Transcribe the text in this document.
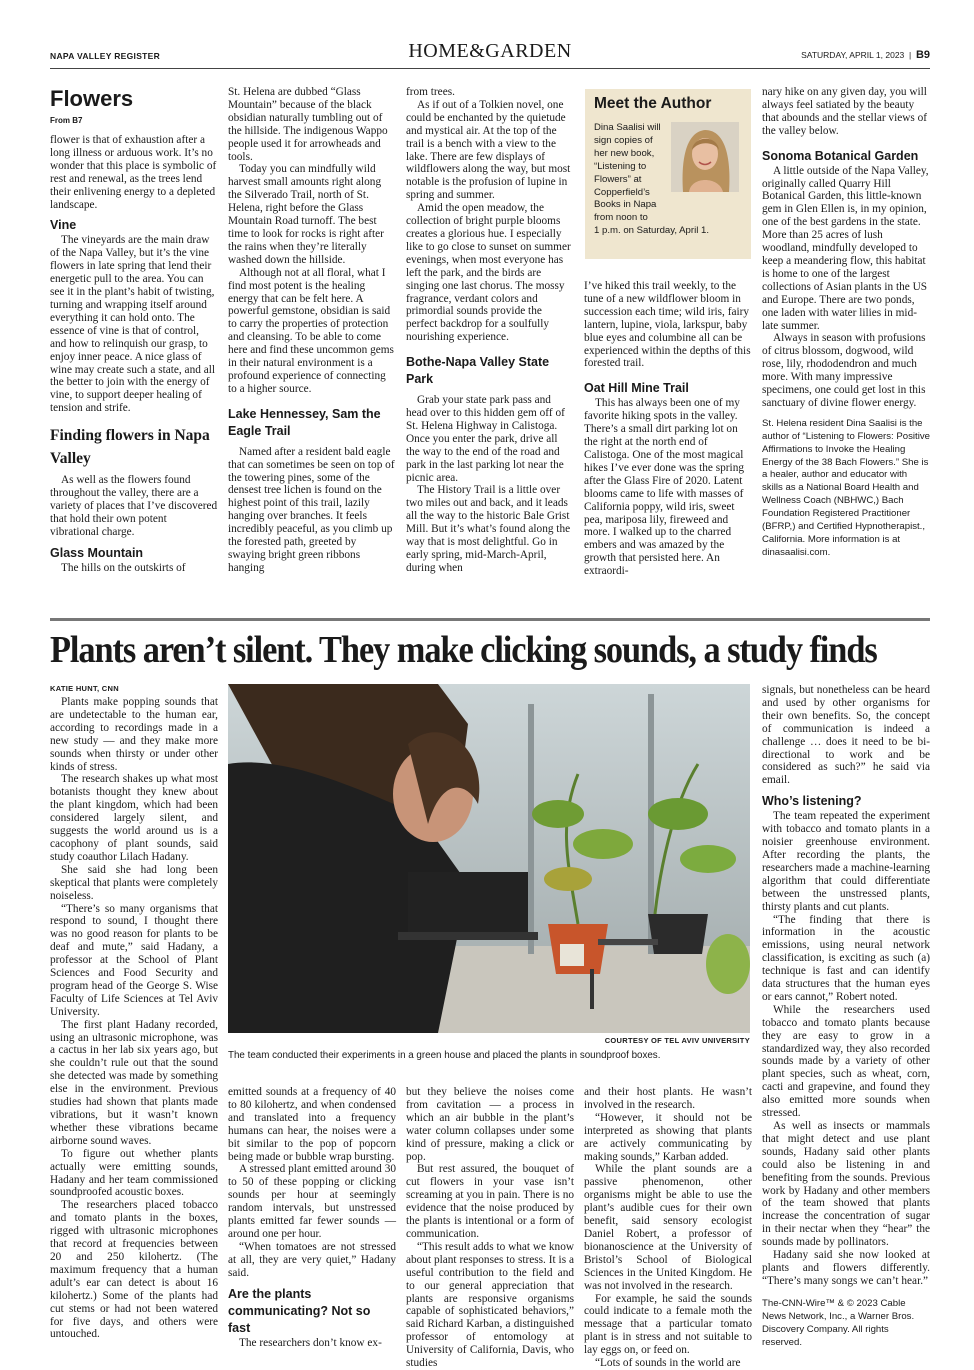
NAPA VALLEY REGISTER	HOME&GARDEN	SATURDAY, APRIL 1, 2023  |  B9
Flowers
From B7

flower is that of exhaustion after a long illness or arduous work. It’s no wonder that this place is symbolic of rest and renewal, as the trees lend their enlivening energy to a depleted landscape.

Vine

The vineyards are the main draw of the Napa Valley, but it’s the vine flowers in late spring that lend their energetic pull to the area. You can see it in the plant’s habit of twisting, turning and wrapping itself around everything it can hold onto. The essence of vine is that of control, and how to relinquish our grasp, to enjoy inner peace. A nice glass of wine may create such a state, and all the better to join with the energy of vine, to support deeper healing of tension and strife.

Finding flowers in Napa Valley

As well as the flowers found throughout the valley, there are a variety of places that I’ve discovered that hold their own potent vibrational charge.

Glass Mountain

The hills on the outskirts of

St. Helena are dubbed “Glass Mountain” because of the black obsidian naturally tumbling out of the hillside. The indigenous Wappo people used it for arrowheads and tools.

Today you can mindfully wild harvest small amounts right along the Silverado Trail, north of St. Helena, right before the Glass Mountain Road turnoff. The best time to look for rocks is right after the rains when they’re literally washed down the hillside.

Although not at all floral, what I find most potent is the healing energy that can be felt here. A powerful gemstone, obsidian is said to carry the properties of protection and cleansing. To be able to come here and find these uncommon gems in their natural environment is a profound experience of connecting to a higher source.

Lake Hennessey, Sam the Eagle Trail

Named after a resident bald eagle that can sometimes be seen on top of the towering pines, some of the densest tree lichen is found on the highest point of this trail, lazily hanging over branches. It feels incredibly peaceful, as you climb up the forested path, greeted by swaying bright green ribbons hanging

from trees.

As if out of a Tolkien novel, one could be enchanted by the quietude and mystical air. At the top of the trail is a bench with a view to the lake. There are few displays of wildflowers along the way, but most notable is the profusion of lupine in spring and summer.

Amid the open meadow, the collection of bright purple blooms creates a glorious hue. I especially like to go close to sunset on summer evenings, when most everyone has left the park, and the birds are singing one last chorus. The mossy fragrance, verdant colors and primordial sounds provide the perfect backdrop for a soulfully nourishing experience.

Bothe-Napa Valley State Park

Grab your state park pass and head over to this hidden gem off of St. Helena Highway in Calistoga. Once you enter the park, drive all the way to the end of the road and park in the last parking lot near the picnic area.

The History Trail is a little over two miles out and back, and it leads all the way to the historic Bale Grist Mill. But it’s what’s found along the way that is most delightful. Go in early spring, mid-March-April, during when

Meet the Author
Dina Saalisi will sign copies of her new book, “Listening to Flowers” at Copperfield’s Books in Napa from noon to
1 p.m. on Saturday, April 1.

I’ve hiked this trail weekly, to the tune of a new wildflower bloom in succession each time; wild iris, fairy lantern, lupine, viola, larkspur, baby blue eyes and columbine all can be experienced within the depths of this forested trail.

Oat Hill Mine Trail

This has always been one of my favorite hiking spots in the valley. There’s a small dirt parking lot on the right at the north end of Calistoga. One of the most magical hikes I’ve ever done was the spring after the Glass Fire of 2020. Latent blooms came to life with masses of California poppy, wild iris, sweet pea, mariposa lily, fireweed and more. I walked up to the charred embers and was amazed by the growth that persisted here. An extraordi-

nary hike on any given day, you will always feel satiated by the beauty that abounds and the stellar views of the valley below.

Sonoma Botanical Garden

A little outside of the Napa Valley, originally called Quarry Hill Botanical Garden, this little-known gem in Glen Ellen is, in my opinion, one of the best gardens in the state. More than 25 acres of lush woodland, mindfully developed to keep a meandering flow, this habitat is home to one of the largest collections of Asian plants in the US and Europe. There are two ponds, one laden with water lilies in mid-late summer.

Always in season with profusions of citrus blossom, dogwood, wild rose, lily, rhododendron and much more. With many impressive specimens, one could get lost in this sanctuary of divine flower energy.

St. Helena resident Dina Saalisi is the author of “Listening to Flowers: Positive Affirmations to Invoke the Healing Energy of the 38 Bach Flowers.” She is a healer, author and educator with skills as a National Board Health and Wellness Coach (NBHWC,) Bach Foundation Registered Practitioner (BFRP,) and Certified Hypnotherapist., California. More information is at dinasaalisi.com.
Plants aren’t silent. They make clicking sounds, a study finds
KATIE HUNT, CNN

Plants make popping sounds that are undetectable to the human ear, according to recordings made in a new study — and they make more sounds when thirsty or under other kinds of stress.

The research shakes up what most botanists thought they knew about the plant kingdom, which had been considered largely silent, and suggests the world around us is a cacophony of plant sounds, said study coauthor Lilach Hadany.

She said she had long been skeptical that plants were completely noiseless.

“There’s so many organisms that respond to sound, I thought there was no good reason for plants to be deaf and mute,” said Hadany, a professor at the School of Plant Sciences and Food Security and program head of the George S. Wise Faculty of Life Sciences at Tel Aviv University.

The first plant Hadany recorded, using an ultrasonic microphone, was a cactus in her lab six years ago, but she couldn’t rule out that the sound she detected was made by something else in the environment. Previous studies had shown that plants made vibrations, but it wasn’t known whether these vibrations became airborne sound waves.

To figure out whether plants actually were emitting sounds, Hadany and her team commissioned soundproofed acoustic boxes.

The researchers placed tobacco and tomato plants in the boxes, rigged with ultrasonic microphones that record at frequencies between 20 and 250 kilohertz. (The maximum frequency that a human adult’s ear can detect is about 16 kilohertz.) Some of the plants had cut stems or had not been watered for five days, and others were untouched.

COURTESY OF TEL AVIV UNIVERSITY
The team conducted their experiments in a green house and placed the plants in soundproof boxes.

emitted sounds at a frequency of 40 to 80 kilohertz, and when condensed and translated into a frequency humans can hear, the noises were a bit similar to the pop of popcorn being made or bubble wrap bursting.

A stressed plant emitted around 30 to 50 of these popping or clicking sounds per hour at seemingly random intervals, but unstressed plants emitted far fewer sounds — around one per hour.

“When tomatoes are not stressed at all, they are very quiet,” Hadany said.

Are the plants communicating? Not so fast

The researchers don’t know ex-

but they believe the noises come from cavitation — a process in which an air bubble in the plant’s water column collapses under some kind of pressure, making a click or pop.

But rest assured, the bouquet of cut flowers in your vase isn’t screaming at you in pain. There is no evidence that the noise produced by the plants is intentional or a form of communication.

“This result adds to what we know about plant responses to stress. It is a useful contribution to the field and to our general appreciation that plants are responsive organisms capable of sophisticated behaviors,” said Richard Karban, a distinguished professor of entomology at University of California, Davis, who studies

and their host plants. He wasn’t involved in the research.

“However, it should not be interpreted as showing that plants are actively communicating by making sounds,” Karban added.

While the plant sounds are a passive phenomenon, other organisms might be able to use the plant’s audible cues for their own benefit, said sensory ecologist Daniel Robert, a professor of bionanoscience at the University of Bristol’s School of Biological Sciences in the United Kingdom. He was not involved in the research.

For example, he said the sounds could indicate to a female moth the message that a particular tomato plant is in stress and not suitable to lay eggs on, or feed on.

“Lots of sounds in the world are

signals, but nonetheless can be heard and used by other organisms for their own benefits. So, the concept of communication is indeed a challenge … does it need to be bi-directional to work and be considered as such?” he said via email.

Who’s listening?

The team repeated the experiment with tobacco and tomato plants in a noisier greenhouse environment. After recording the plants, the researchers made a machine-learning algorithm that could differentiate between the unstressed plants, thirsty plants and cut plants.

“The finding that there is information in the acoustic emissions, using neural network classification, is exciting as such (a) technique is fast and can identify data structures that the human eyes or ears cannot,” Robert noted.

While the researchers used tobacco and tomato plants because they are easy to grow in a standardized way, they also recorded sounds made by a variety of other plant species, such as wheat, corn, cacti and grapevine, and found they also emitted more sounds when stressed.

As well as insects or mammals that might detect and use plant sounds, Hadany said other plants could also be listening in and benefiting from the sounds. Previous work by Hadany and other members of the team showed that plants increase the concentration of sugar in their nectar when they “hear” the sounds made by pollinators.

Hadany said she now looked at plants and flowers differently. “There’s many songs we can’t hear.”

The-CNN-Wire™ & © 2023 Cable News Network, Inc., a Warner Bros. Discovery Company. All rights reserved.
